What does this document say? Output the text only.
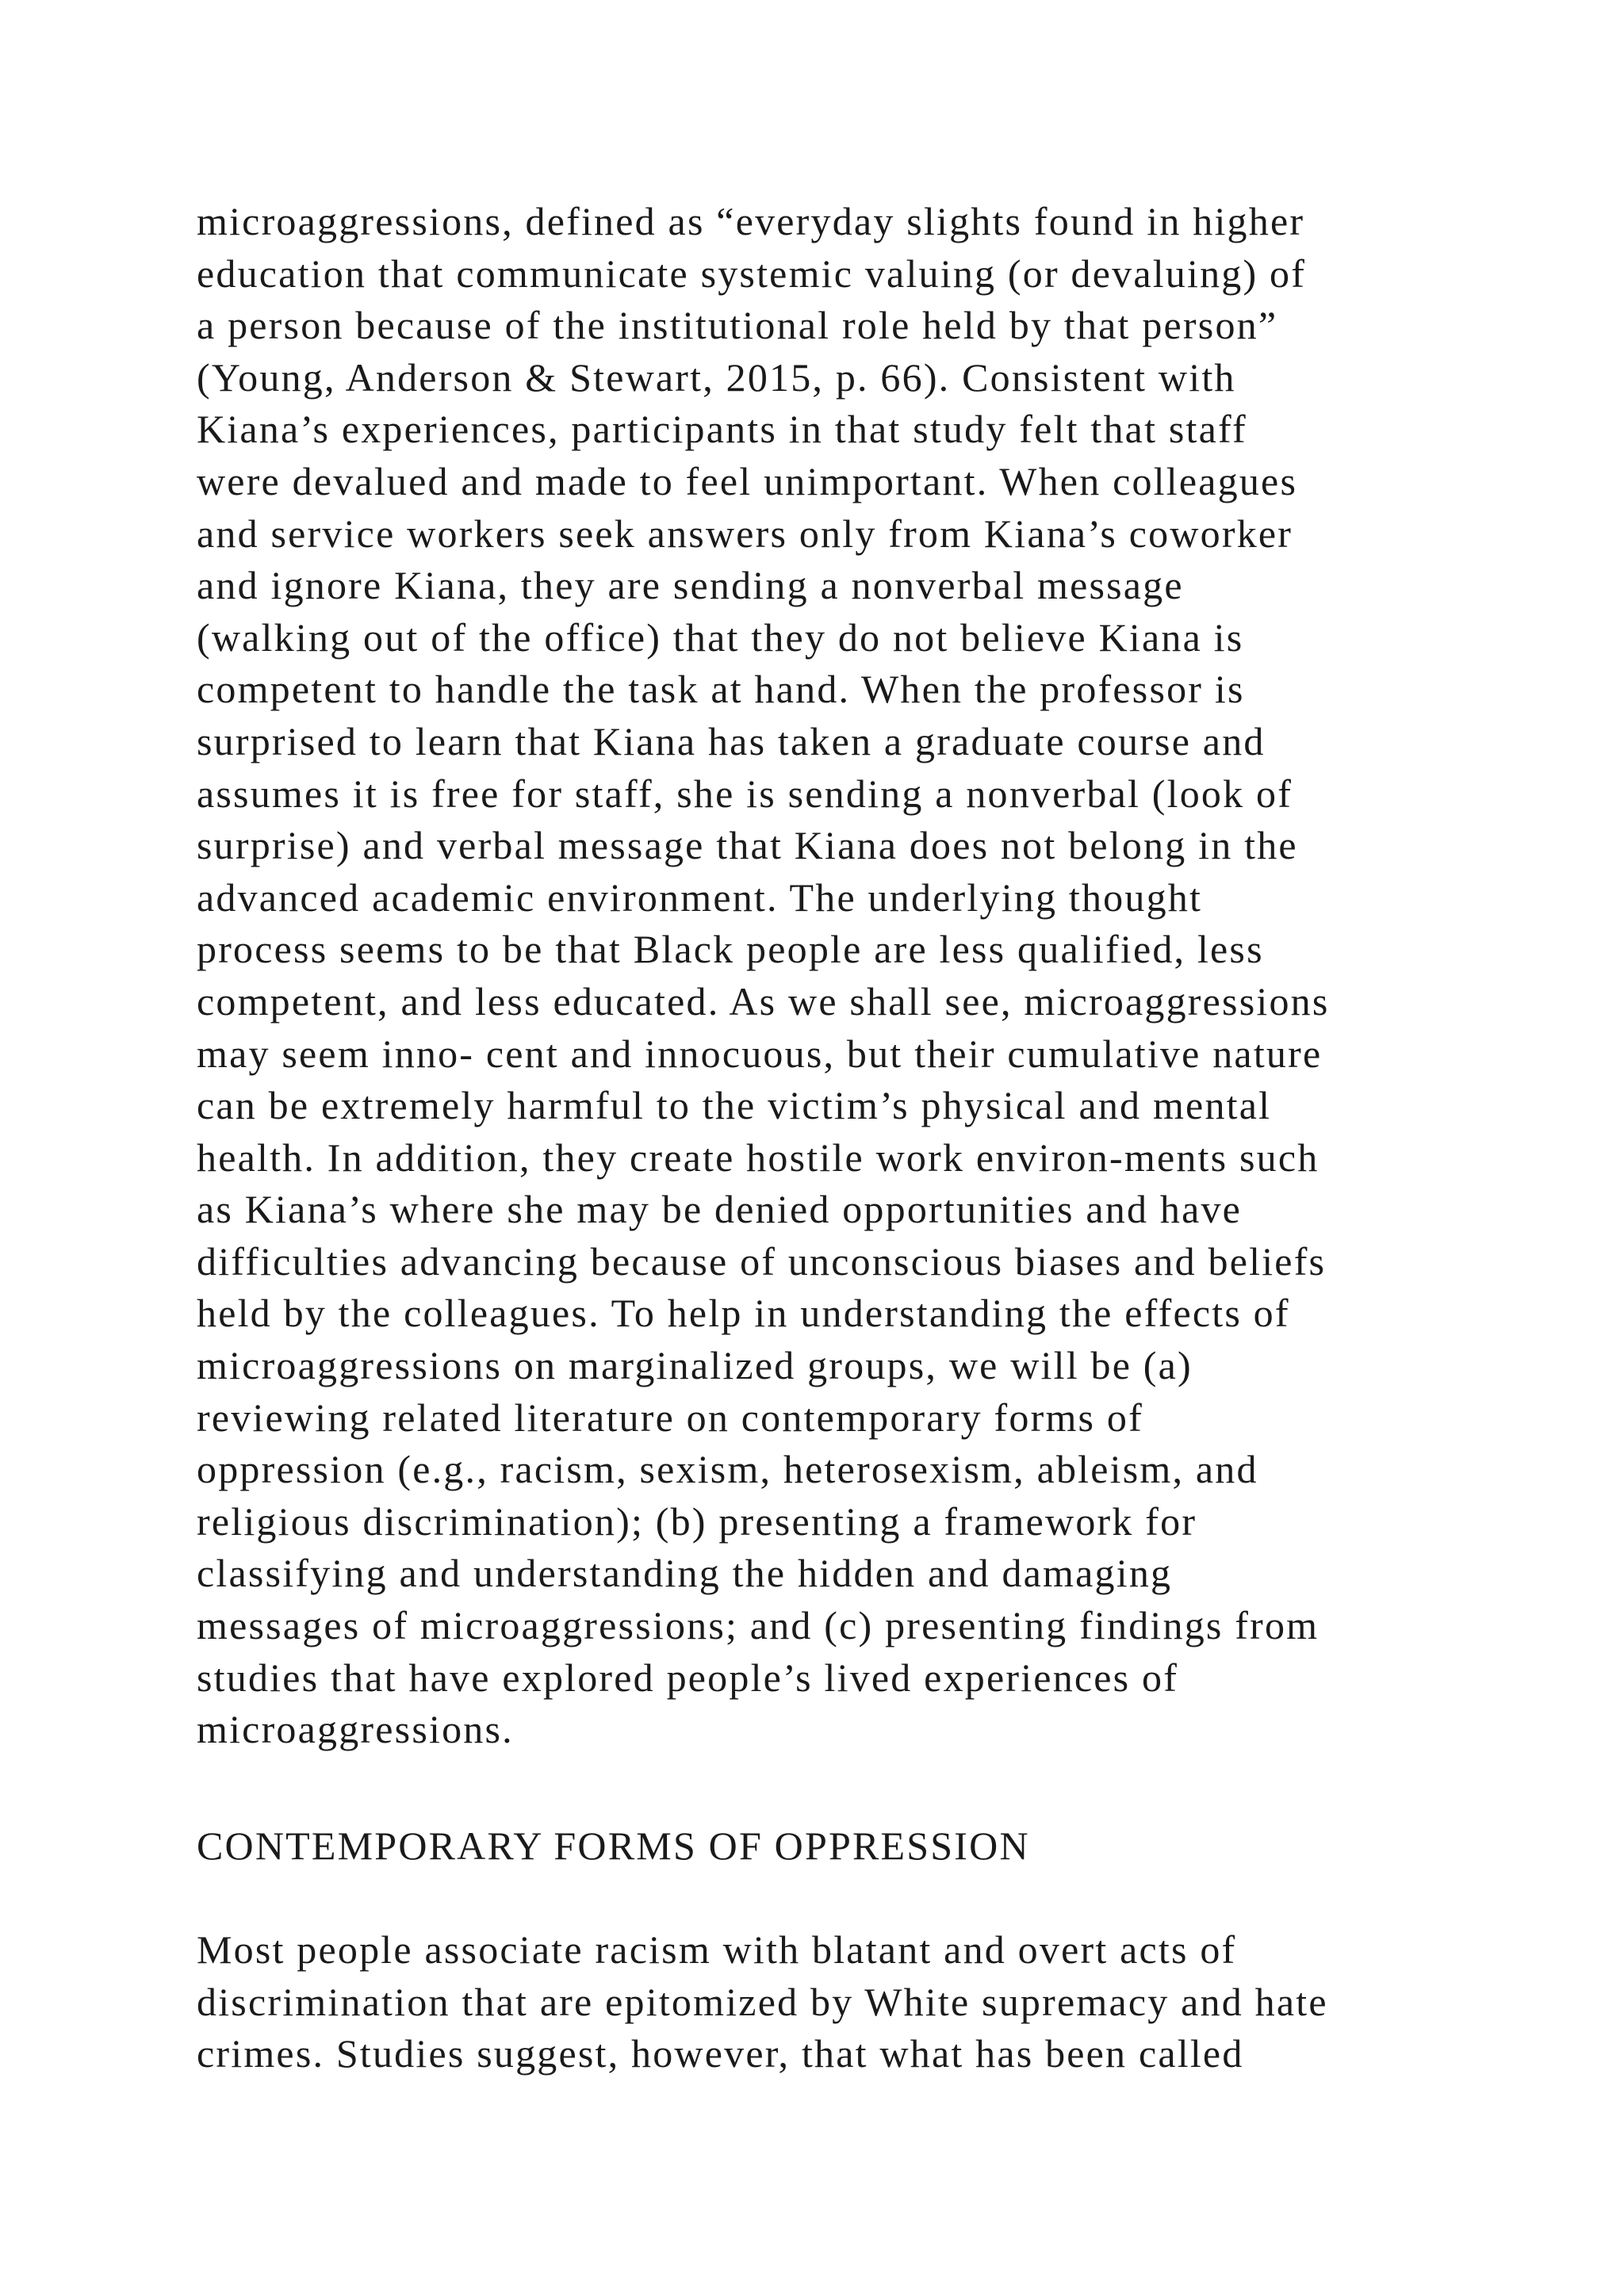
microaggressions, defined as “everyday slights found in higher
education that communicate systemic valuing (or devaluing) of
a person because of the institutional role held by that person”
(Young, Anderson & Stewart, 2015, p. 66). Consistent with
Kiana’s experiences, participants in that study felt that staff
were devalued and made to feel unimportant. When colleagues
and service workers seek answers only from Kiana’s coworker
and ignore Kiana, they are sending a nonverbal message
(walking out of the office) that they do not believe Kiana is
competent to handle the task at hand. When the professor is
surprised to learn that Kiana has taken a graduate course and
assumes it is free for staff, she is sending a nonverbal (look of
surprise) and verbal message that Kiana does not belong in the
advanced academic environment. The underlying thought
process seems to be that Black people are less qualified, less
competent, and less educated. As we shall see, microaggressions
may seem inno- cent and innocuous, but their cumulative nature
can be extremely harmful to the victim’s physical and mental
health. In addition, they create hostile work environ-ments such
as Kiana’s where she may be denied opportunities and have
difficulties advancing because of unconscious biases and beliefs
held by the colleagues. To help in understanding the effects of
microaggressions on marginalized groups, we will be (a)
reviewing related literature on contemporary forms of
oppression (e.g., racism, sexism, heterosexism, ableism, and
religious discrimination); (b) presenting a framework for
classifying and understanding the hidden and damaging
messages of microaggressions; and (c) presenting findings from
studies that have explored people’s lived experiences of
microaggressions.
CONTEMPORARY FORMS OF OPPRESSION
Most people associate racism with blatant and overt acts of
discrimination that are epitomized by White supremacy and hate
crimes. Studies suggest, however, that what has been called
